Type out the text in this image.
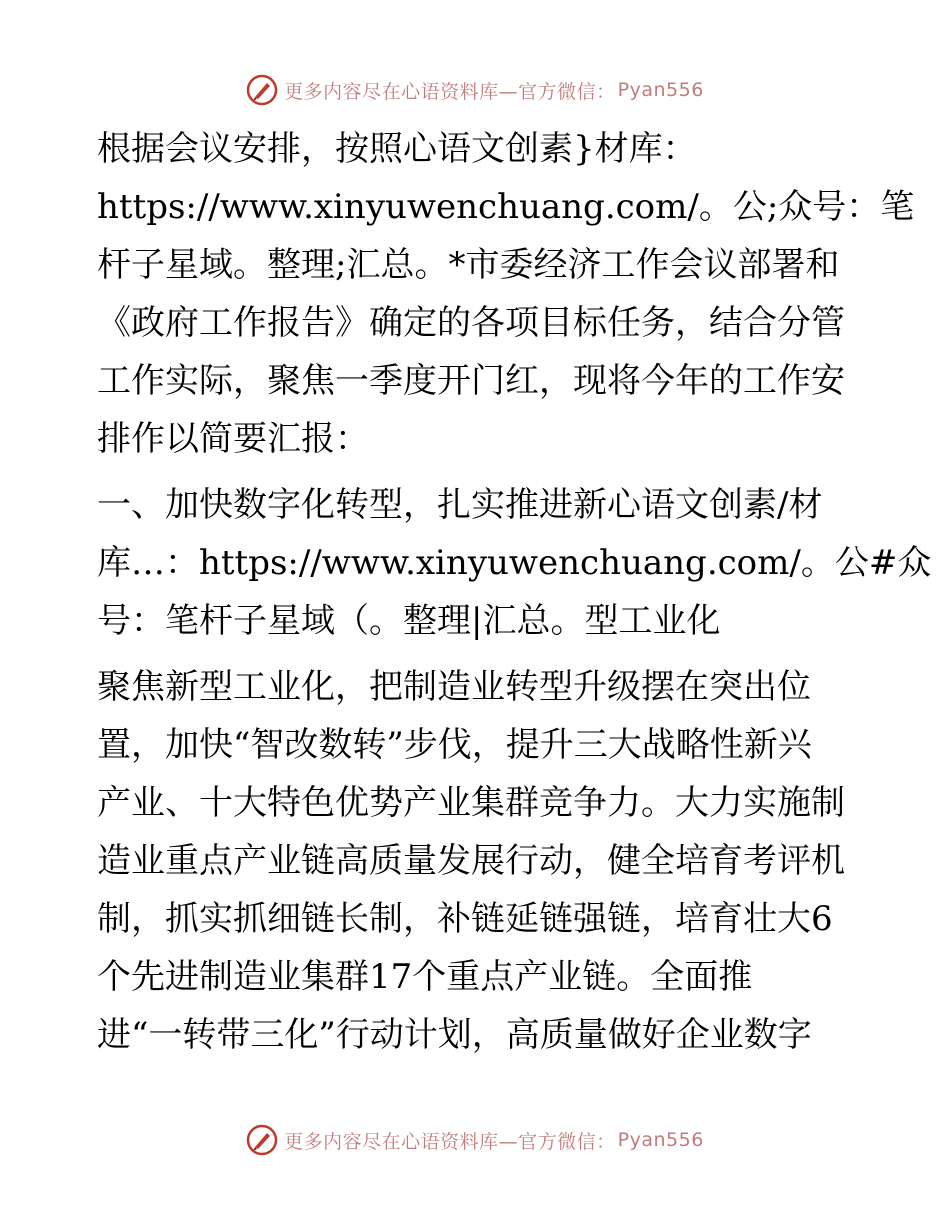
更多内容尽在心语资料库—官方微信： Pyan556
根据会议安排，按照心语文创素}材库：
https://www.xinyuwenchuang.com/。公;众号：笔
杆子星域。整理;汇总。*市委经济工作会议部署和
《政府工作报告》确定的各项目标任务，结合分管
工作实际，聚焦一季度开门红，现将今年的工作安
排作以简要汇报：
一、加快数字化转型，扎实推进新心语文创素/材
库…：https://www.xinyuwenchuang.com/。公#众
号：笔杆子星域（。整理|汇总。型工业化
聚焦新型工业化，把制造业转型升级摆在突出位
置，加快“智改数转”步伐，提升三大战略性新兴
产业、十大特色优势产业集群竞争力。大力实施制
造业重点产业链高质量发展行动，健全培育考评机
制，抓实抓细链长制，补链延链强链，培育壮大6
个先进制造业集群17个重点产业链。全面推
进“一转带三化”行动计划，高质量做好企业数字
更多内容尽在心语资料库—官方微信： Pyan556
